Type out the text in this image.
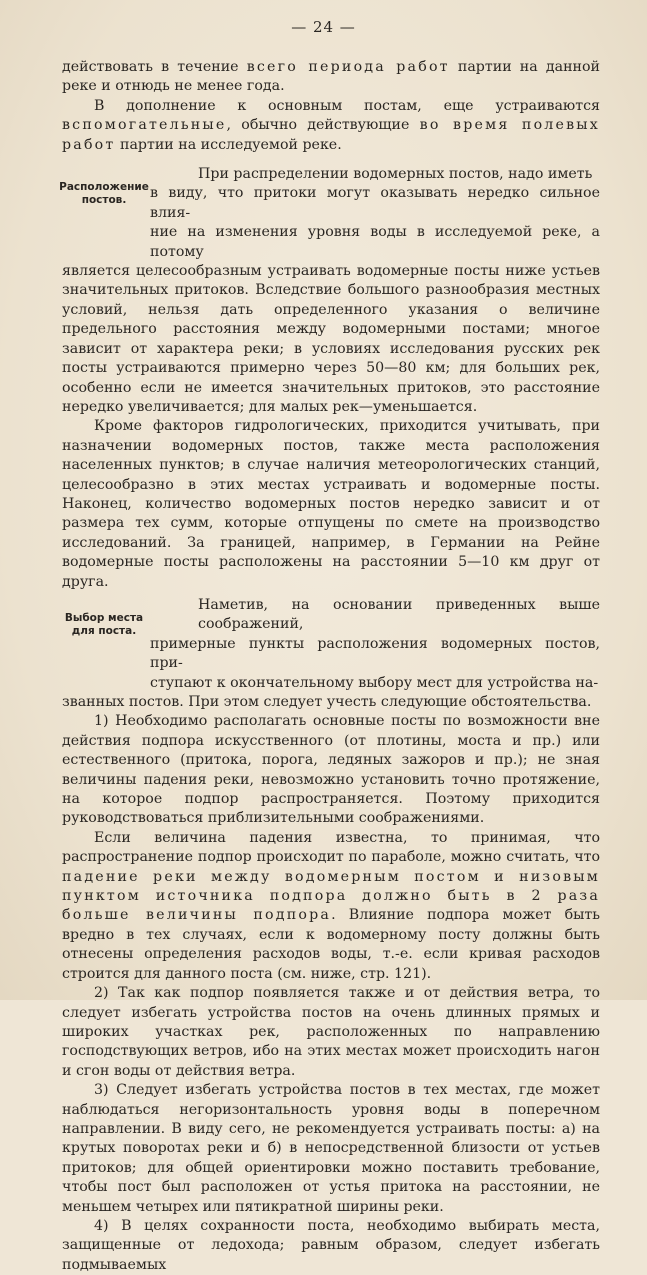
— 24 —

действовать в течение всего периода работ партии на данной реке и отнюдь не менее года.

В дополнение к основным постам, еще устраиваются вспомогательные, обычно действующие во время полевых работ партии на исследуемой реке.

Расположение
постов.

При распределении водомерных постов, надо иметь

в виду, что притоки могут оказывать нередко сильное влия-

ние на изменения уровня воды в исследуемой реке, а потому

является целесообразным устраивать водомерные посты ниже устьев значительных притоков. Вследствие большого разнообразия местных условий, нельзя дать определенного указания о величине предельного расстояния между водомерными постами; многое зависит от характера реки; в условиях исследования русских рек посты устраиваются примерно через 50—80 км; для больших рек, особенно если не имеется значительных притоков, это расстояние нередко увеличивается; для малых рек—уменьшается.

Кроме факторов гидрологических, приходится учитывать, при назначении водомерных постов, также места расположения населенных пунктов; в случае наличия метеорологических станций, целесообразно в этих местах устраивать и водомерные посты. Наконец, количество водомерных постов нередко зависит и от размера тех сумм, которые отпущены по смете на производство исследований. За границей, например, в Германии на Рейне водомерные посты расположены на расстоянии 5—10 км друг от друга.

Выбор места
для поста.

Наметив, на основании приведенных выше соображений,

примерные пункты расположения водомерных постов, при-

ступают к окончательному выбору мест для устройства на-

званных постов. При этом следует учесть следующие обстоятельства.

1) Необходимо располагать основные посты по возможности вне действия подпора искусственного (от плотины, моста и пр.) или естественного (притока, порога, ледяных зажоров и пр.); не зная величины падения реки, невозможно установить точно протяжение, на которое подпор распространяется. Поэтому приходится руководствоваться приблизительными соображениями.

Если величина падения известна, то принимая, что распространение подпор происходит по параболе, можно считать, что падение реки между водомерным постом и низовым пунктом источника подпора должно быть в 2 раза больше величины подпора. Влияние подпора может быть вредно в тех случаях, если к водомерному посту должны быть отнесены определения расходов воды, т.-е. если кривая расходов строится для данного поста (см. ниже, стр. 121).

2) Так как подпор появляется также и от действия ветра, то следует избегать устройства постов на очень длинных прямых и широких участках рек, расположенных по направлению господствующих ветров, ибо на этих местах может происходить нагон и сгон воды от действия ветра.

3) Следует избегать устройства постов в тех местах, где может наблюдаться негоризонтальность уровня воды в поперечном направлении. В виду сего, не рекомендуется устраивать посты: а) на крутых поворотах реки и б) в непосредственной близости от устьев притоков; для общей ориентировки можно поставить требование, чтобы пост был расположен от устья притока на расстоянии, не меньшем четырех или пятикратной ширины реки.

4) В целях сохранности поста, необходимо выбирать места, защищенные от ледохода; равным образом, следует избегать подмываемых
